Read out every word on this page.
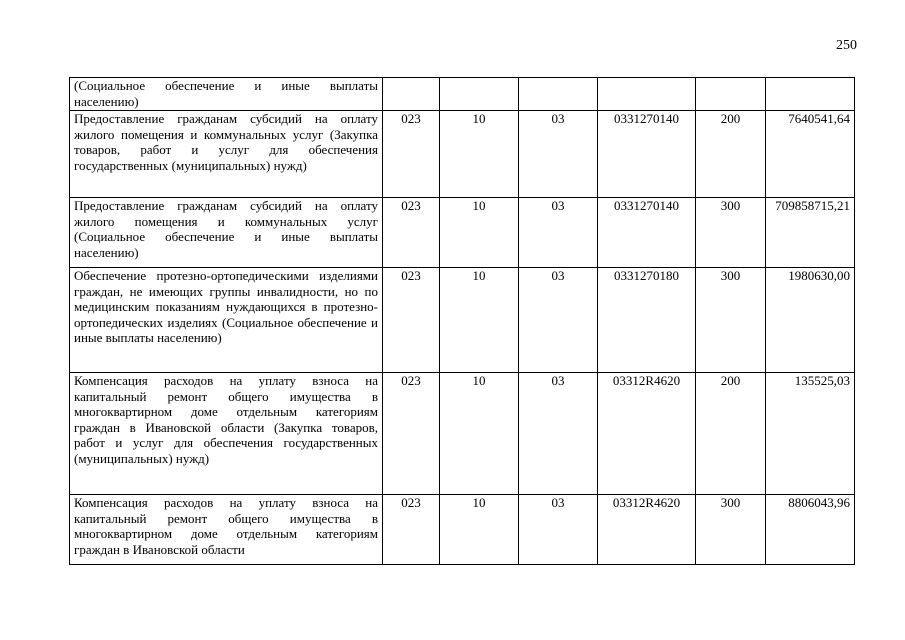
250
(Социальное обеспечение и иные выплаты населению)						
Предоставление гражданам субсидий на оплату жилого помещения и коммунальных услуг (Закупка товаров, работ и услуг для обеспечения государственных (муниципальных) нужд)	023	10	03	0331270140	200	7640541,64
Предоставление гражданам субсидий на оплату жилого помещения и коммунальных услуг (Социальное обеспечение и иные выплаты населению)	023	10	03	0331270140	300	709858715,21
Обеспечение протезно-ортопедическими изделиями граждан, не имеющих группы инвалидности, но по медицинским показаниям нуждающихся в протезно-ортопедических изделиях (Социальное обеспечение и иные выплаты населению)	023	10	03	0331270180	300	1980630,00
Компенсация расходов на уплату взноса на капитальный ремонт общего имущества в многоквартирном доме отдельным категориям граждан в Ивановской области (Закупка товаров, работ и услуг для обеспечения государственных (муниципальных) нужд)	023	10	03	03312R4620	200	135525,03
Компенсация расходов на уплату взноса на капитальный ремонт общего имущества в многоквартирном доме отдельным категориям граждан в Ивановской области	023	10	03	03312R4620	300	8806043,96
